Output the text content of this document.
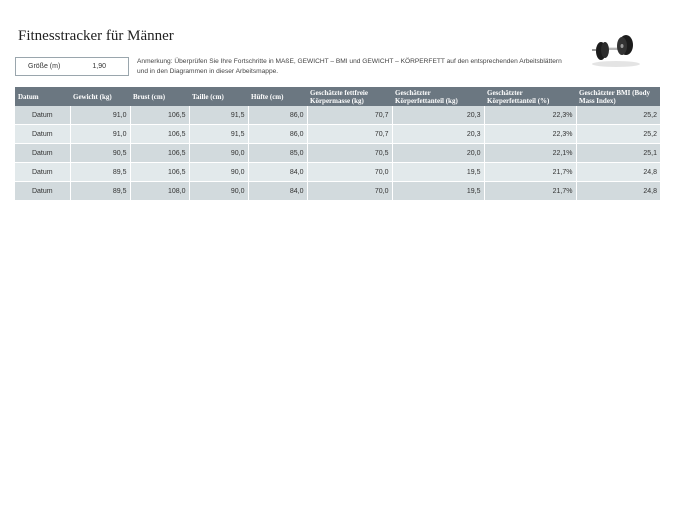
Fitnesstracker für Männer
Größe (m)	1,90
Anmerkung: Überprüfen Sie Ihre Fortschritte in MAßE, GEWICHT – BMI und GEWICHT – KÖRPERFETT auf den entsprechenden Arbeitsblättern und in den Diagrammen in dieser Arbeitsmappe.
Datum	Gewicht (kg)	Brust (cm)	Taille (cm)	Hüfte (cm)	Geschätzte fettfreie Körpermasse (kg)	Geschätzter Körperfettanteil (kg)	Geschätzter Körperfettanteil (%)	Geschätzter BMI (Body Mass Index)
Datum	91,0	106,5	91,5	86,0	70,7	20,3	22,3%	25,2
Datum	91,0	106,5	91,5	86,0	70,7	20,3	22,3%	25,2
Datum	90,5	106,5	90,0	85,0	70,5	20,0	22,1%	25,1
Datum	89,5	106,5	90,0	84,0	70,0	19,5	21,7%	24,8
Datum	89,5	108,0	90,0	84,0	70,0	19,5	21,7%	24,8
